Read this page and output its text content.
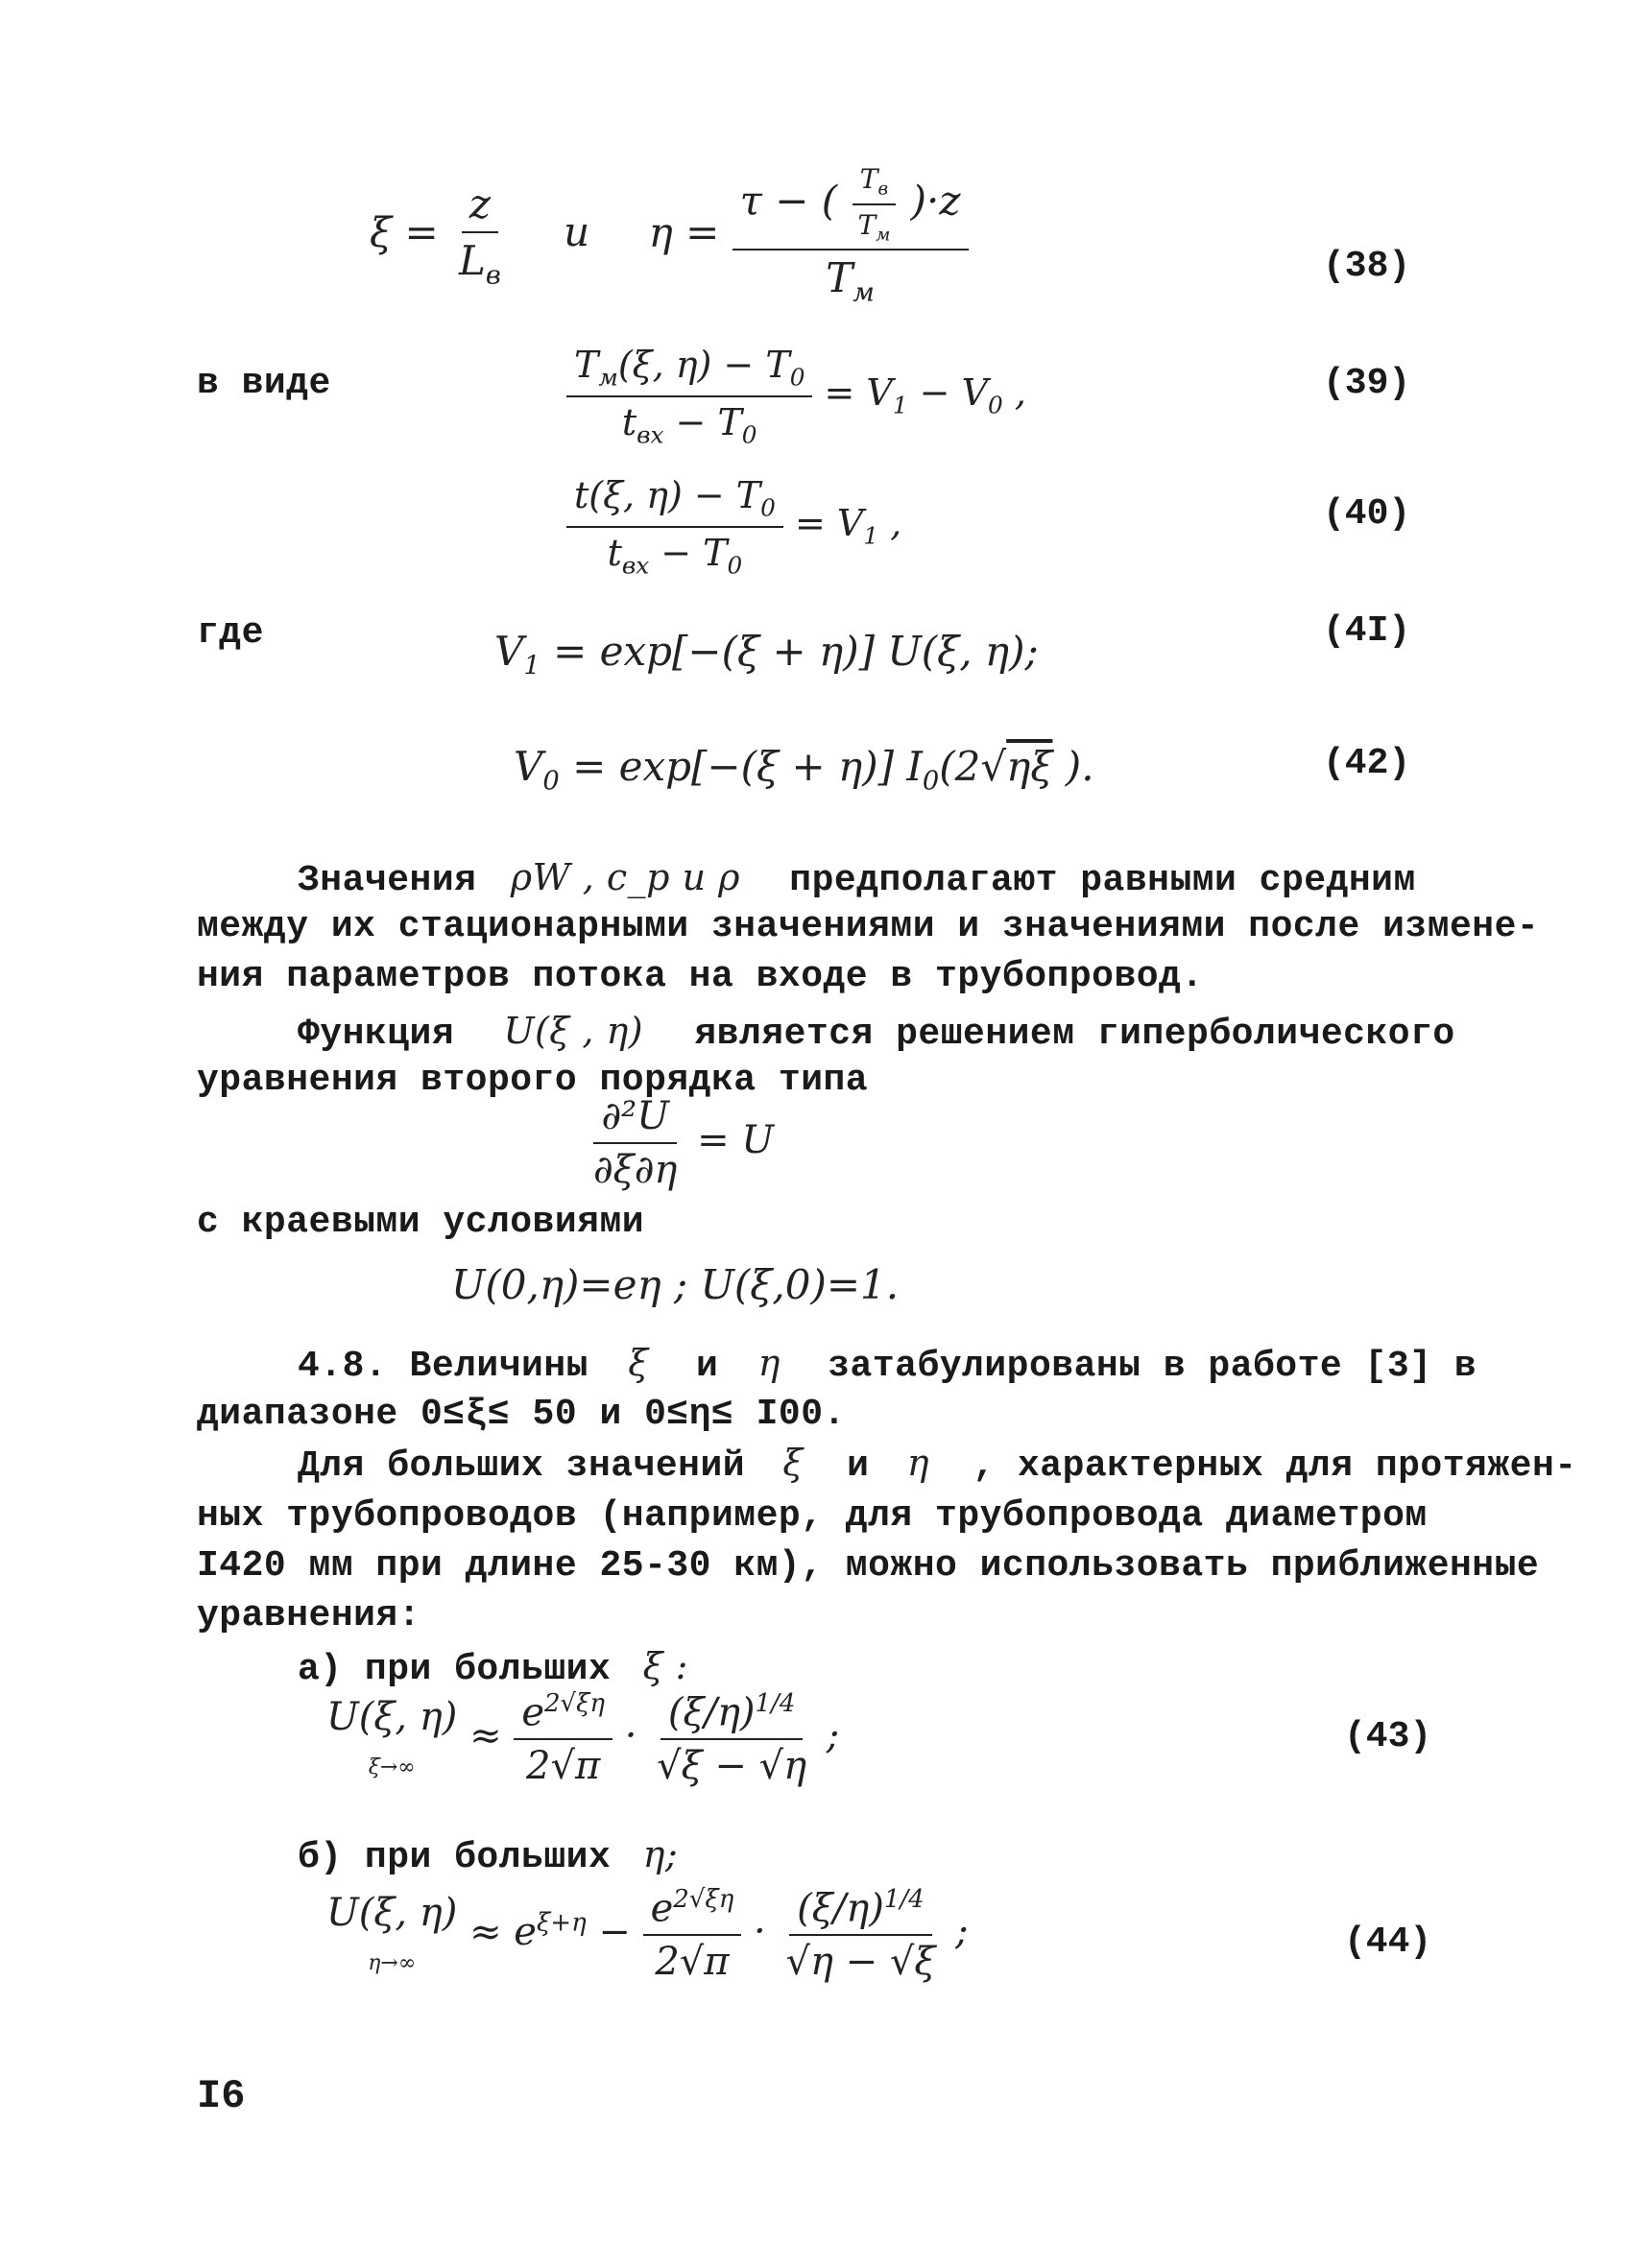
$\xi = \frac{z}{L_в}$ и $\eta = \frac{\tau - ( \frac{T_в}{T_м} )\cdot z}{T_м}$	(38)
в виде	$\frac{T_м(\xi, \eta) - T_0}{t_{вх} - T_0} = V_1 - V_0$ ,	(39)
$\frac{t(\xi, \eta) - T_0}{t_{вх} - T_0} = V_1$ ,	(40)
где	$V_1 = \exp[-(\xi + \eta)]$ U(ξ, η);	(4I)
$V_0 = \exp[-(\xi + \eta)]$ $I_0(2√\eta\xi$ ).	(42)
Значения ρW , c_p и ρ предполагают равными средним
между их стационарными значениями и значениями после измене-
ния параметров потока на входе в трубопровод.
Функция U(ξ , η) является решением гиперболического
уравнения второго порядка типа
$\frac{\text{∂²U}}{\partial\xi\partial\eta} = U$
с краевыми условиями
U(0,η)=eη ; U(ξ,0)=1.
4.8. Величины ξ и η затабулированы в работе [3] в
диапазоне 0≤ξ≤ 50 и 0≤η≤ I00.
Для больших значений ξ и η , характерных для протяжен-
ных трубопроводов (например, для трубопровода диаметром
I420 мм при длине 25-30 км), можно использовать приближенные
уравнения:
а) при больших ξ :
U(ξ, η)
$\xi\to\infty \approx \frac{e^{2√\xi\eta}}{2√\pi} \cdot \frac{(\xi/\eta)^{1/4}}{√\xi - √\eta}$ ;	(43)
б) при больших η;
U(ξ, η)
$\eta\to\infty \approx e^{\xi+\eta} - \frac{e^{2√\xi\eta}}{2√\pi} \cdot \frac{(\xi/\eta)^{1/4}}{√\eta - √\xi}$ ;	(44)
I6
